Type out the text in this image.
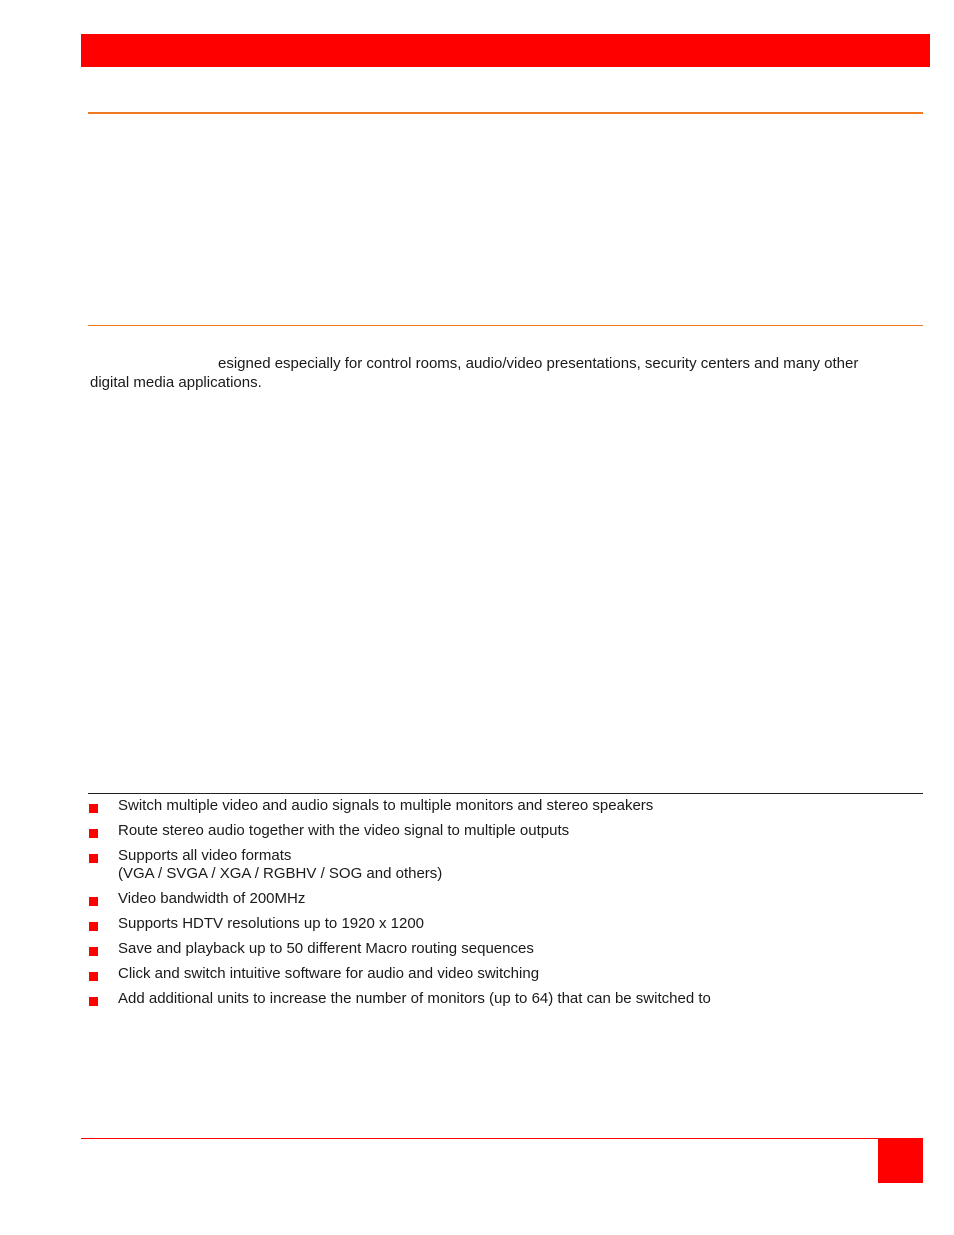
esigned especially for control rooms, audio/video presentations, security centers and many other
digital media applications.
Switch multiple video and audio signals to multiple monitors and stereo speakers
Route stereo audio together with the video signal to multiple outputs
Supports all video formats
(VGA / SVGA / XGA / RGBHV / SOG and others)
Video bandwidth of 200MHz
Supports HDTV resolutions up to 1920 x 1200
Save and playback up to 50 different Macro routing sequences
Click and switch intuitive software for audio and video switching
Add additional units to increase the number of monitors (up to 64) that can be switched to
